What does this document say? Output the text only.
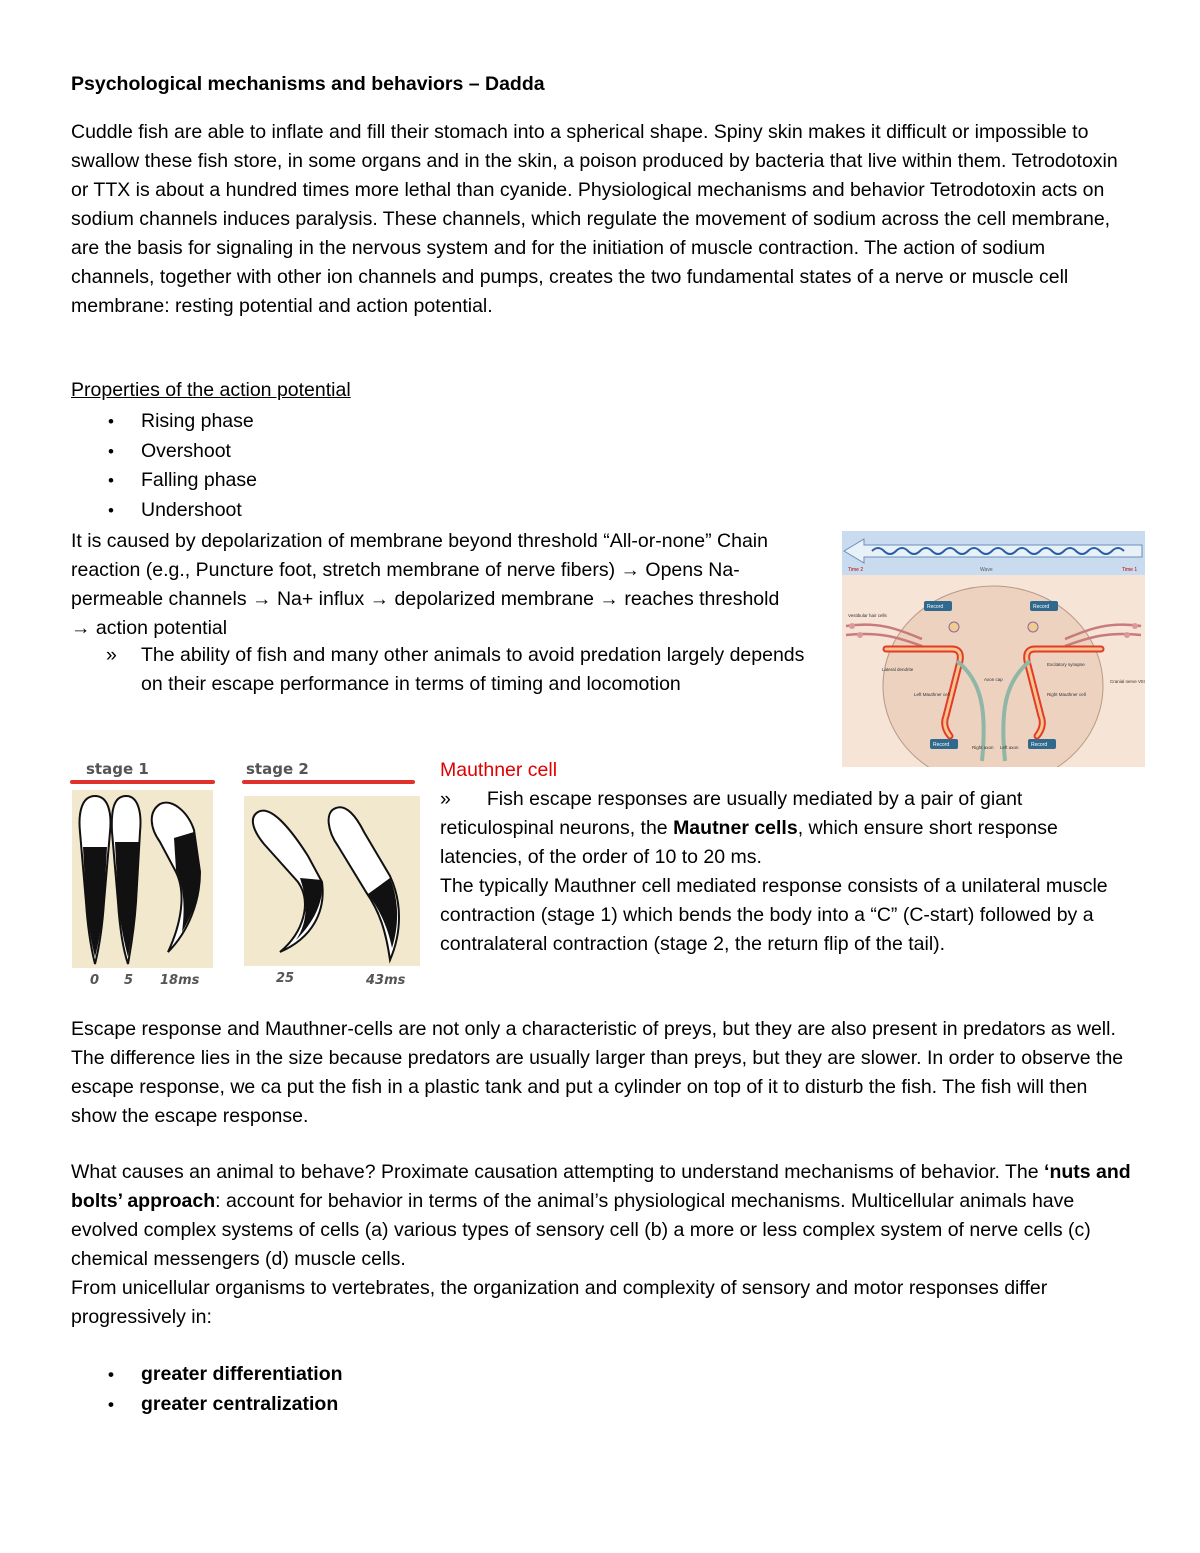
Psychological mechanisms and behaviors – Dadda

Cuddle fish are able to inflate and fill their stomach into a spherical shape. Spiny skin makes it difficult or impossible to swallow these fish store, in some organs and in the skin, a poison produced by bacteria that live within them. Tetrodotoxin or TTX is about a hundred times more lethal than cyanide. Physiological mechanisms and behavior Tetrodotoxin acts on sodium channels induces paralysis. These channels, which regulate the movement of sodium across the cell membrane, are the basis for signaling in the nervous system and for the initiation of muscle contraction. The action of sodium channels, together with other ion channels and pumps, creates the two fundamental states of a nerve or muscle cell membrane: resting potential and action potential.

Properties of the action potential

• Rising phase
• Overshoot
• Falling phase
• Undershoot

It is caused by depolarization of membrane beyond threshold “All-or-none” Chain reaction (e.g., Puncture foot, stretch membrane of nerve fibers) → Opens Na-permeable channels → Na+ influx → depolarized membrane → reaches threshold → action potential

» The ability of fish and many other animals to avoid predation largely depends on their escape performance in terms of timing and locomotion
Wave
Time 2	Time 1
Record	Record
Record	Record
Vestibular hair cells
Cranial nerve VIII
Lateral dendrite
Left Mauthner cell	Right Mauthner cell
Excitatory synapse
Axon cap
Right axon Left axon
stage 1	stage 2
0 5 18ms	25	43ms
Mauthner cell
» Fish escape responses are usually mediated by a pair of giant reticulospinal neurons, the Mautner cells, which ensure short response latencies, of the order of 10 to 20 ms.
The typically Mauthner cell mediated response consists of a unilateral muscle contraction (stage 1) which bends the body into a “C” (C-start) followed by a contralateral contraction (stage 2, the return flip of the tail).

Escape response and Mauthner-cells are not only a characteristic of preys, but they are also present in predators as well. The difference lies in the size because predators are usually larger than preys, but they are slower. In order to observe the escape response, we ca put the fish in a plastic tank and put a cylinder on top of it to disturb the fish. The fish will then show the escape response.

What causes an animal to behave? Proximate causation attempting to understand mechanisms of behavior. The ‘nuts and bolts’ approach: account for behavior in terms of the animal’s physiological mechanisms. Multicellular animals have evolved complex systems of cells (a) various types of sensory cell (b) a more or less complex system of nerve cells (c) chemical messengers (d) muscle cells.
From unicellular organisms to vertebrates, the organization and complexity of sensory and motor responses differ progressively in:

• greater differentiation
• greater centralization
